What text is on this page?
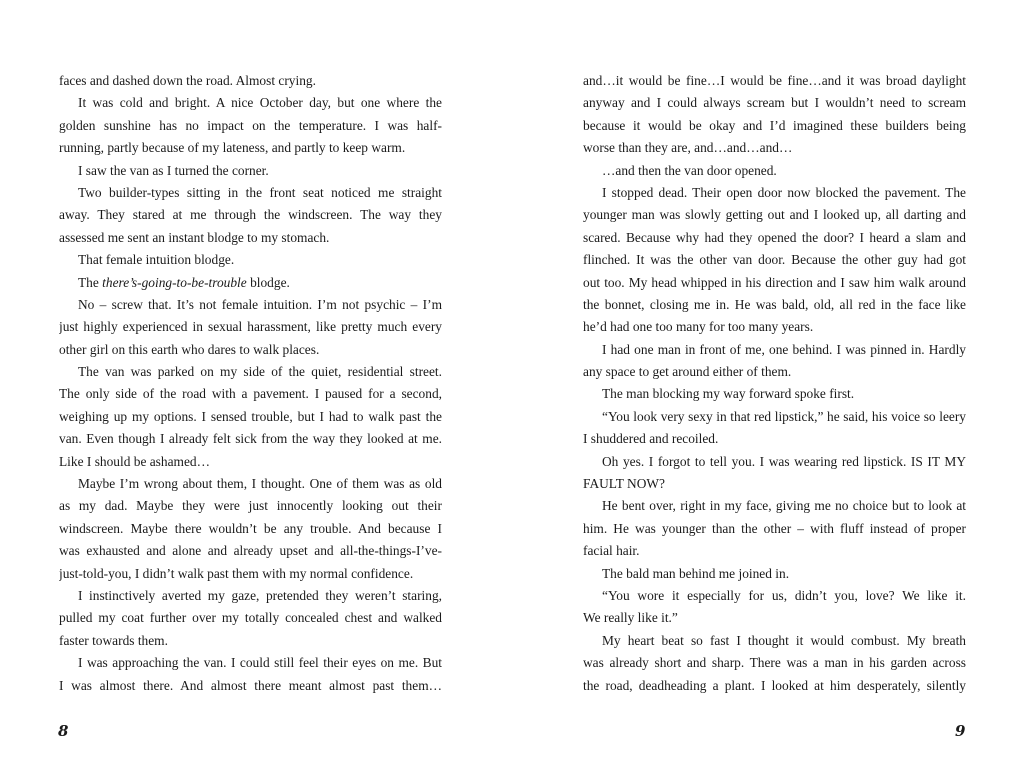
faces and dashed down the road. Almost crying.
It was cold and bright. A nice October day, but one where the
golden sunshine has no impact on the temperature. I was half-
running, partly because of my lateness, and partly to keep warm.
I saw the van as I turned the corner.
Two builder-types sitting in the front seat noticed me straight
away. They stared at me through the windscreen. The way they
assessed me sent an instant blodge to my stomach.
That female intuition blodge.
The there’s-going-to-be-trouble blodge.
No – screw that. It’s not female intuition. I’m not psychic – I’m
just highly experienced in sexual harassment, like pretty much every
other girl on this earth who dares to walk places.
The van was parked on my side of the quiet, residential street.
The only side of the road with a pavement. I paused for a second,
weighing up my options. I sensed trouble, but I had to walk past the
van. Even though I already felt sick from the way they looked at me.
Like I should be ashamed…
Maybe I’m wrong about them, I thought. One of them was as old
as my dad. Maybe they were just innocently looking out their
windscreen. Maybe there wouldn’t be any trouble. And because I
was exhausted and alone and already upset and all-the-things-I’ve-
just-told-you, I didn’t walk past them with my normal confidence.
I instinctively averted my gaze, pretended they weren’t staring,
pulled my coat further over my totally concealed chest and walked
faster towards them.
I was approaching the van. I could still feel their eyes on me. But
I was almost there. And almost there meant almost past them…
and…it would be fine…I would be fine…and it was broad daylight
anyway and I could always scream but I wouldn’t need to scream
because it would be okay and I’d imagined these builders being
worse than they are, and…and…and…
…and then the van door opened.
I stopped dead. Their open door now blocked the pavement. The
younger man was slowly getting out and I looked up, all darting and
scared. Because why had they opened the door? I heard a slam and
flinched. It was the other van door. Because the other guy had got
out too. My head whipped in his direction and I saw him walk around
the bonnet, closing me in. He was bald, old, all red in the face like
he’d had one too many for too many years.
I had one man in front of me, one behind. I was pinned in. Hardly
any space to get around either of them.
The man blocking my way forward spoke first.
“You look very sexy in that red lipstick,” he said, his voice so leery
I shuddered and recoiled.
Oh yes. I forgot to tell you. I was wearing red lipstick. IS IT MY
FAULT NOW?
He bent over, right in my face, giving me no choice but to look at
him. He was younger than the other – with fluff instead of proper
facial hair.
The bald man behind me joined in.
“You wore it especially for us, didn’t you, love? We like it.
We really like it.”
My heart beat so fast I thought it would combust. My breath
was already short and sharp. There was a man in his garden across
the road, deadheading a plant. I looked at him desperately, silently
8	9
